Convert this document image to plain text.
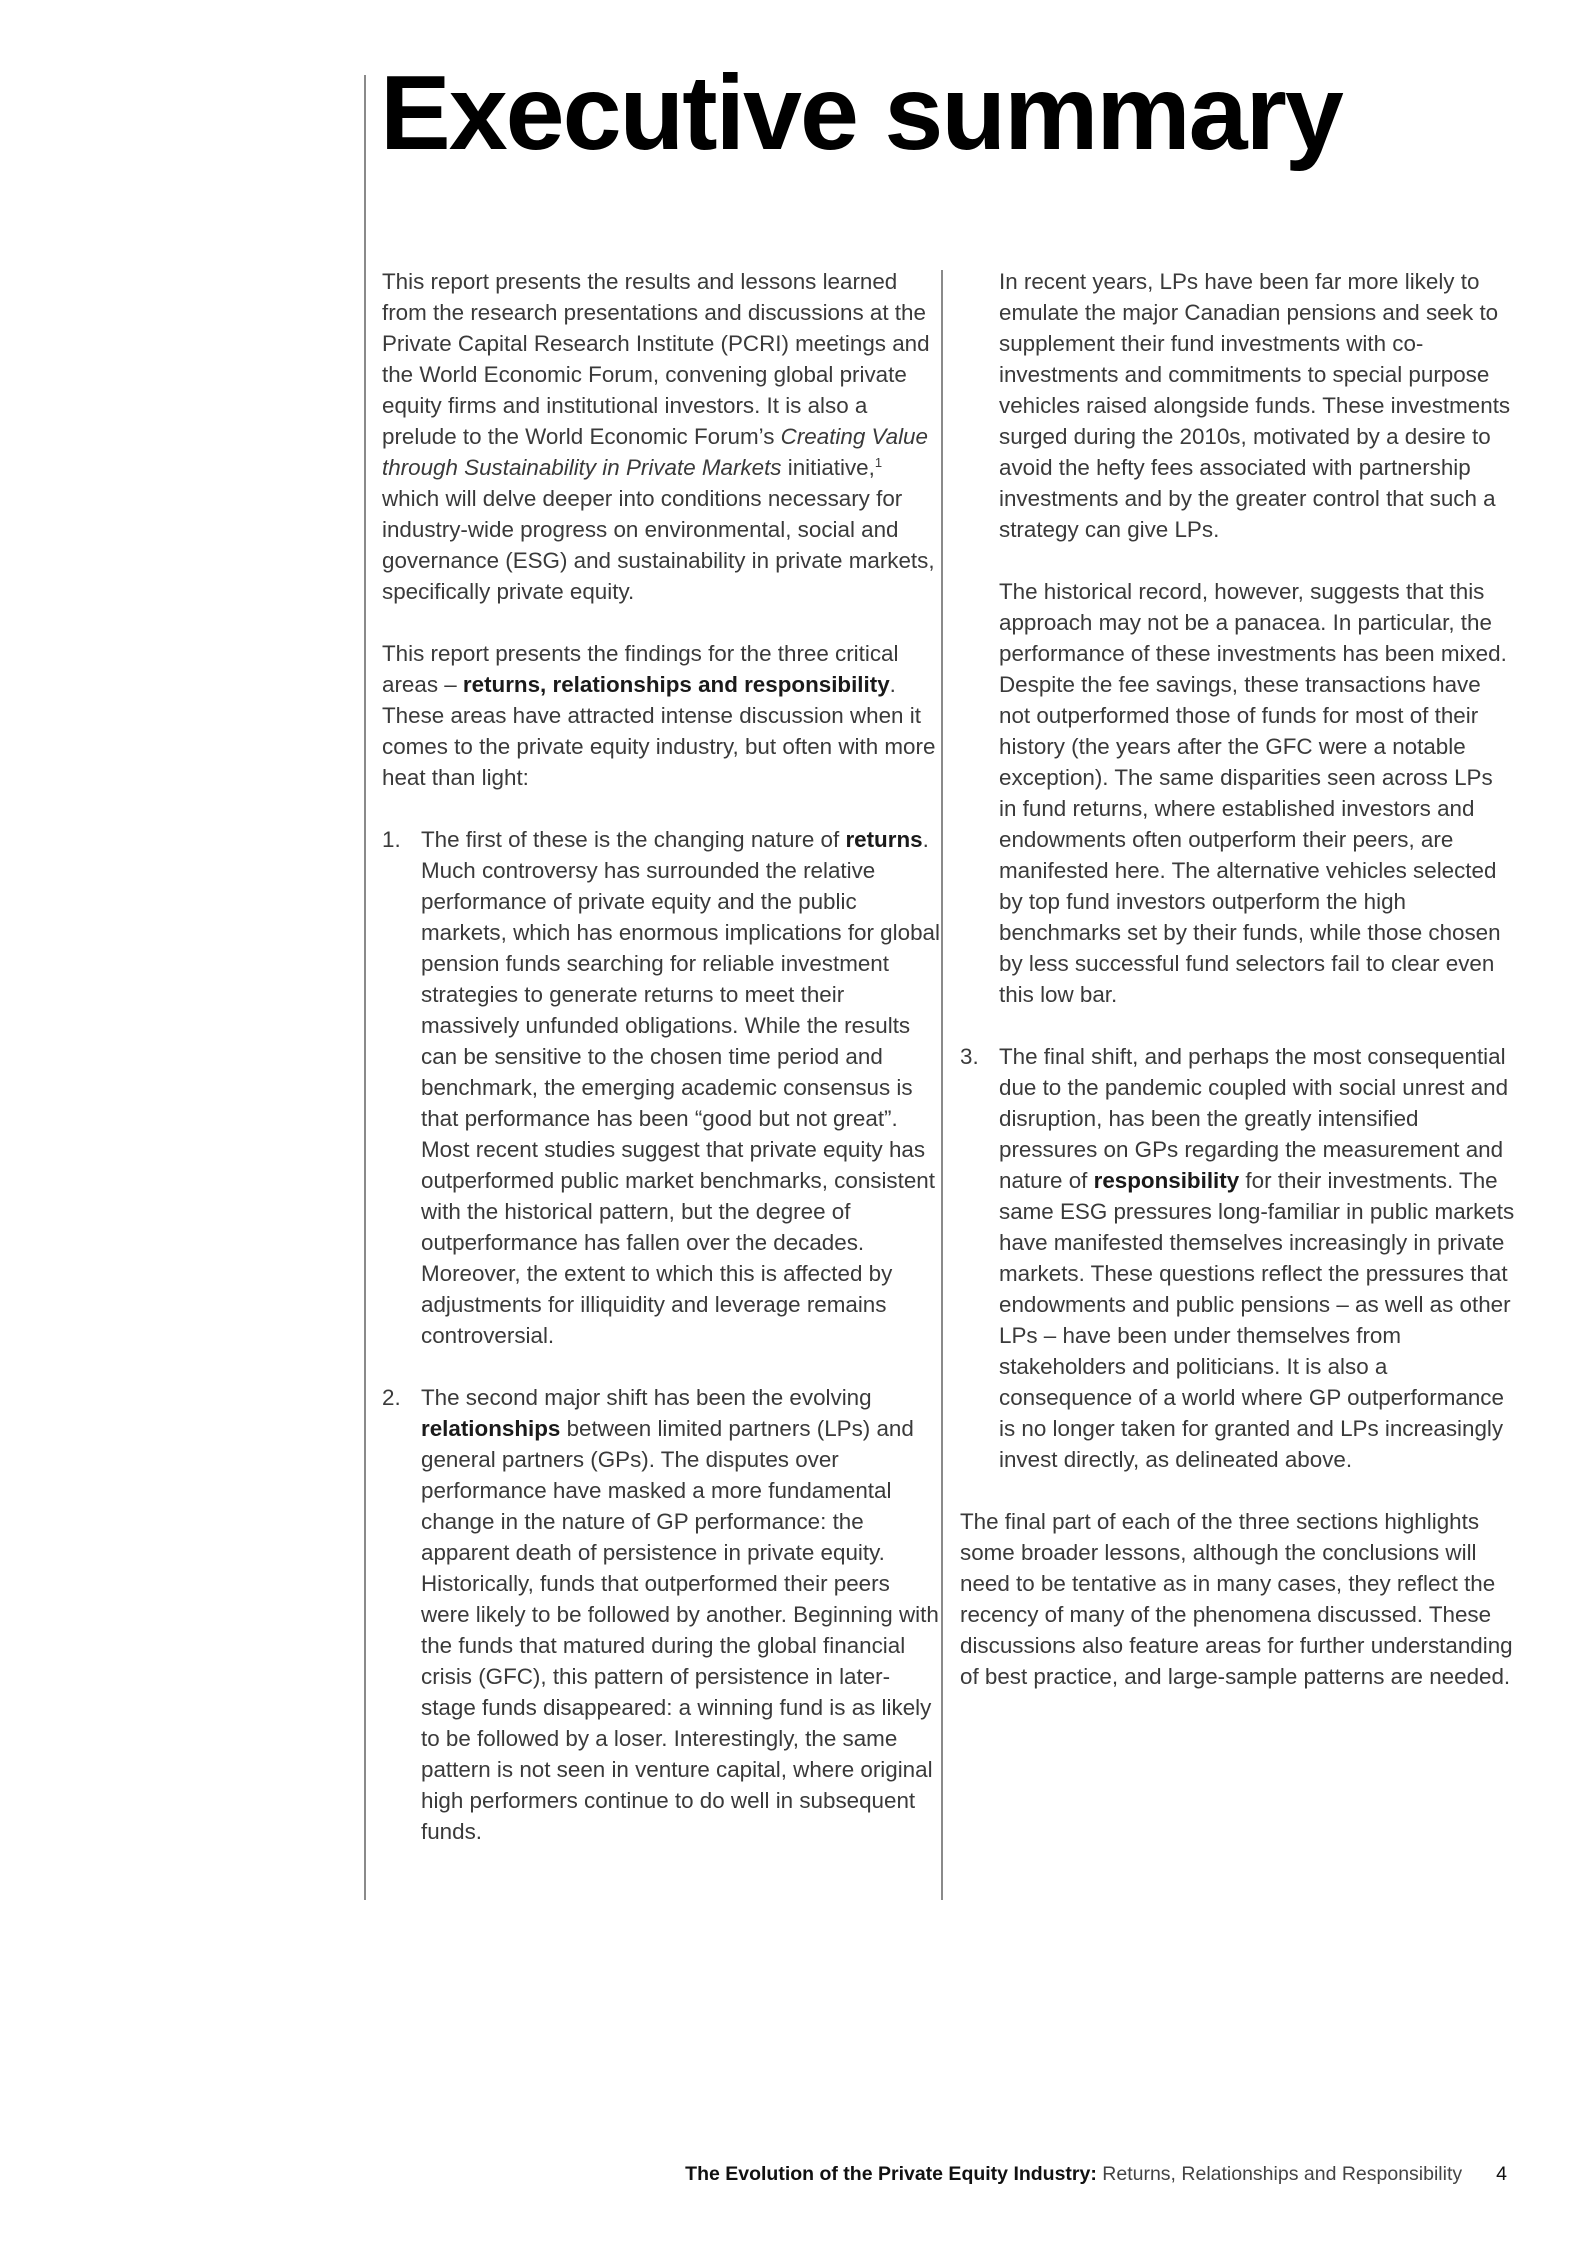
Executive summary

This report presents the results and lessons learned from the research presentations and discussions at the Private Capital Research Institute (PCRI) meetings and the World Economic Forum, convening global private equity firms and institutional investors. It is also a prelude to the World Economic Forum’s Creating Value through Sustainability in Private Markets initiative,$^1$ which will delve deeper into conditions necessary for industry-wide progress on environmental, social and governance (ESG) and sustainability in private markets, specifically private equity.

This report presents the findings for the three critical areas – returns, relationships and responsibility. These areas have attracted intense discussion when it comes to the private equity industry, but often with more heat than light:

1. The first of these is the changing nature of returns. Much controversy has surrounded the relative performance of private equity and the public markets, which has enormous implications for global pension funds searching for reliable investment strategies to generate returns to meet their massively unfunded obligations. While the results can be sensitive to the chosen time period and benchmark, the emerging academic consensus is that performance has been “good but not great”. Most recent studies suggest that private equity has outperformed public market benchmarks, consistent with the historical pattern, but the degree of outperformance has fallen over the decades. Moreover, the extent to which this is affected by adjustments for illiquidity and leverage remains controversial.
2. The second major shift has been the evolving relationships between limited partners (LPs) and general partners (GPs). The disputes over performance have masked a more fundamental change in the nature of GP performance: the apparent death of persistence in private equity. Historically, funds that outperformed their peers were likely to be followed by another. Beginning with the funds that matured during the global financial crisis (GFC), this pattern of persistence in later-stage funds disappeared: a winning fund is as likely to be followed by a loser. Interestingly, the same pattern is not seen in venture capital, where original high performers continue to do well in subsequent funds.

In recent years, LPs have been far more likely to emulate the major Canadian pensions and seek to supplement their fund investments with co-investments and commitments to special purpose vehicles raised alongside funds. These investments surged during the 2010s, motivated by a desire to avoid the hefty fees associated with partnership investments and by the greater control that such a strategy can give LPs.

The historical record, however, suggests that this approach may not be a panacea. In particular, the performance of these investments has been mixed. Despite the fee savings, these transactions have not outperformed those of funds for most of their history (the years after the GFC were a notable exception). The same disparities seen across LPs in fund returns, where established investors and endowments often outperform their peers, are manifested here. The alternative vehicles selected by top fund investors outperform the high benchmarks set by their funds, while those chosen by less successful fund selectors fail to clear even this low bar.

3. The final shift, and perhaps the most consequential due to the pandemic coupled with social unrest and disruption, has been the greatly intensified pressures on GPs regarding the measurement and nature of responsibility for their investments. The same ESG pressures long-familiar in public markets have manifested themselves increasingly in private markets. These questions reflect the pressures that endowments and public pensions – as well as other LPs – have been under themselves from stakeholders and politicians. It is also a consequence of a world where GP outperformance is no longer taken for granted and LPs increasingly invest directly, as delineated above.

The final part of each of the three sections highlights some broader lessons, although the conclusions will need to be tentative as in many cases, they reflect the recency of many of the phenomena discussed. These discussions also feature areas for further understanding of best practice, and large-sample patterns are needed.

The Evolution of the Private Equity Industry: Returns, Relationships and Responsibility 4
